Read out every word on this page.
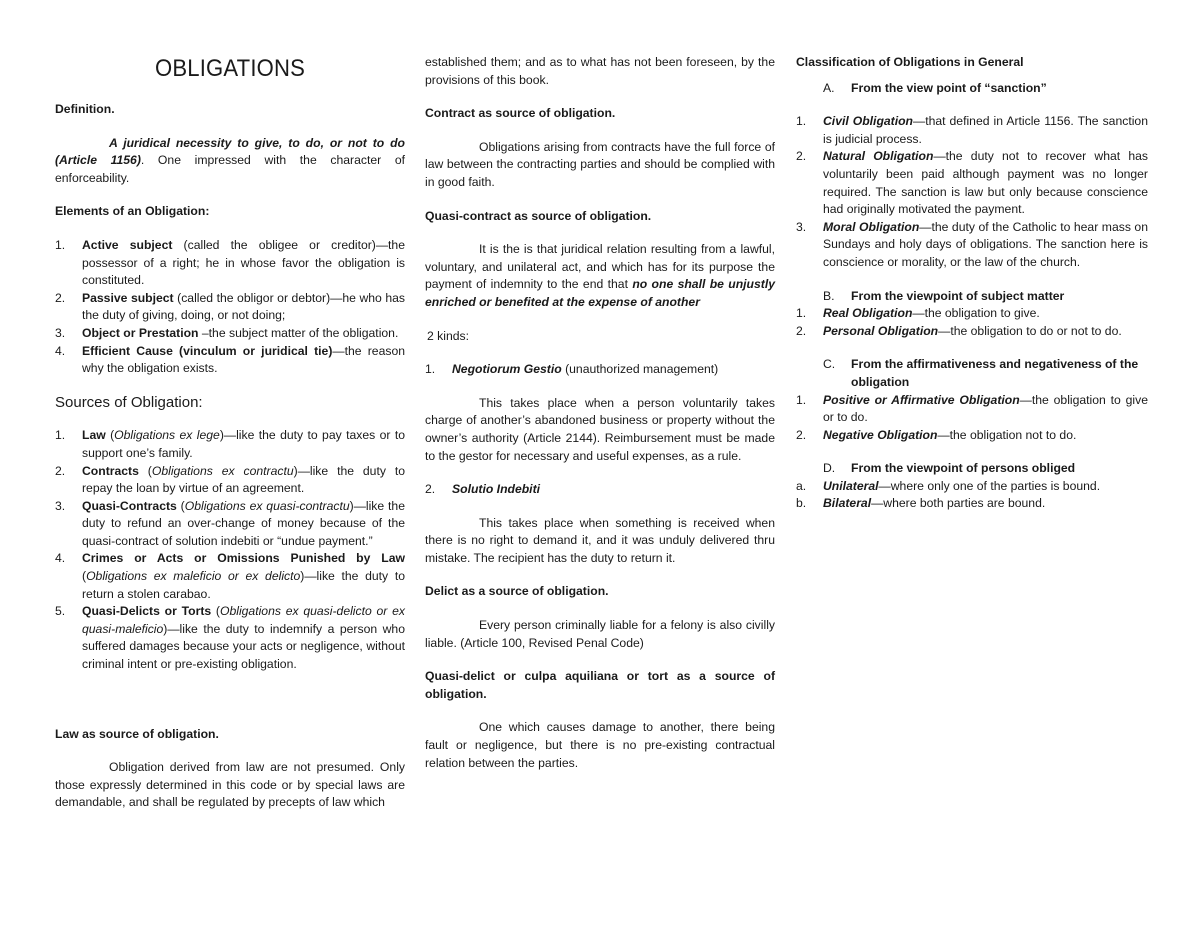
OBLIGATIONS

Definition.

A juridical necessity to give, to do, or not to do (Article 1156). One impressed with the character of enforceability.

Elements of an Obligation:

1. Active subject (called the obligee or creditor)—the possessor of a right; he in whose favor the obligation is constituted.
2. Passive subject (called the obligor or debtor)—he who has the duty of giving, doing, or not doing;
3. Object or Prestation –the subject matter of the obligation.
4. Efficient Cause (vinculum or juridical tie)—the reason why the obligation exists.

Sources of Obligation:

1. Law (Obligations ex lege)—like the duty to pay taxes or to support one’s family.
2. Contracts (Obligations ex contractu)—like the duty to repay the loan by virtue of an agreement.
3. Quasi-Contracts (Obligations ex quasi-contractu)—like the duty to refund an over-change of money because of the quasi-contract of solution indebiti or “undue payment.”
4. Crimes or Acts or Omissions Punished by Law (Obligations ex maleficio or ex delicto)—like the duty to return a stolen carabao.
5. Quasi-Delicts or Torts (Obligations ex quasi-delicto or ex quasi-maleficio)—like the duty to indemnify a person who suffered damages because your acts or negligence, without criminal intent or pre-existing obligation.

Law as source of obligation.

Obligation derived from law are not presumed. Only those expressly determined in this code or by special laws are demandable, and shall be regulated by precepts of law which

established them; and as to what has not been foreseen, by the provisions of this book.

Contract as source of obligation.

Obligations arising from contracts have the full force of law between the contracting parties and should be complied with in good faith.

Quasi-contract as source of obligation.

It is the is that juridical relation resulting from a lawful, voluntary, and unilateral act, and which has for its purpose the payment of indemnity to the end that no one shall be unjustly enriched or benefited at the expense of another

2 kinds:

1. Negotiorum Gestio (unauthorized management)

This takes place when a person voluntarily takes charge of another’s abandoned business or property without the owner’s authority (Article 2144). Reimbursement must be made to the gestor for necessary and useful expenses, as a rule.

2. Solutio Indebiti

This takes place when something is received when there is no right to demand it, and it was unduly delivered thru mistake. The recipient has the duty to return it.

Delict as a source of obligation.

Every person criminally liable for a felony is also civilly liable. (Article 100, Revised Penal Code)

Quasi-delict or culpa aquiliana or tort as a source of obligation.

One which causes damage to another, there being fault or negligence, but there is no pre-existing contractual relation between the parties.

Classification of Obligations in General

A. From the view point of “sanction”

1. Civil Obligation—that defined in Article 1156. The sanction is judicial process.
2. Natural Obligation—the duty not to recover what has voluntarily been paid although payment was no longer required. The sanction is law but only because conscience had originally motivated the payment.
3. Moral Obligation—the duty of the Catholic to hear mass on Sundays and holy days of obligations. The sanction here is conscience or morality, or the law of the church.

B. From the viewpoint of subject matter

1. Real Obligation—the obligation to give.
2. Personal Obligation—the obligation to do or not to do.

C. From the affirmativeness and negativeness of the obligation

1. Positive or Affirmative Obligation—the obligation to give or to do.
2. Negative Obligation—the obligation not to do.

D. From the viewpoint of persons obliged

a. Unilateral—where only one of the parties is bound.
b. Bilateral—where both parties are bound.
